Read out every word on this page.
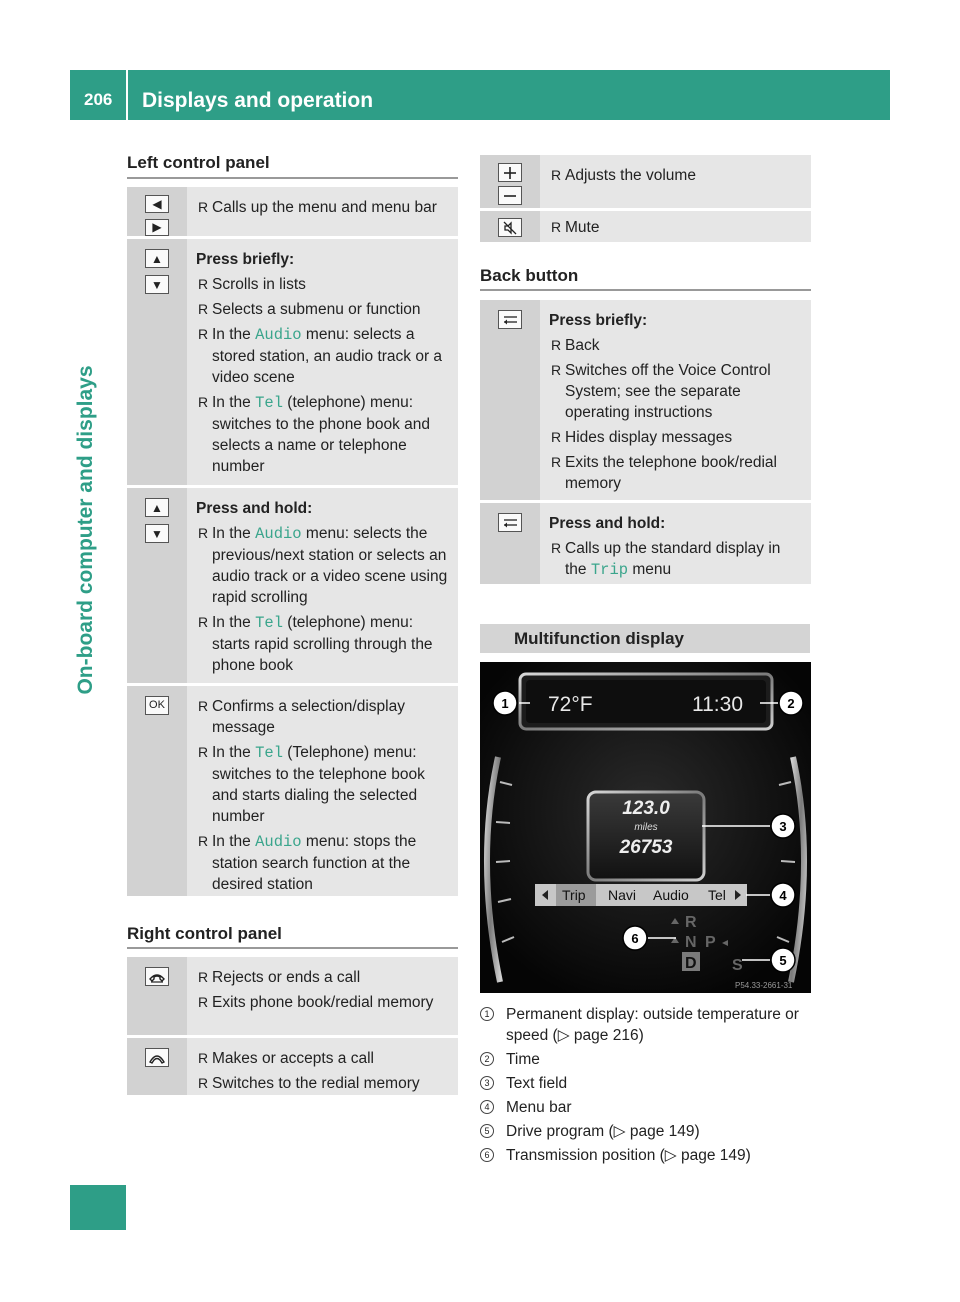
206 Displays and operation
On-board computer and displays
Left control panel
◀
▶
R Calls up the menu and menu bar
▲
▼
Press briefly:
R Scrolls in lists
R Selects a submenu or function
R In the Audio menu: selects a stored station, an audio track or a video scene
R In the Tel (telephone) menu: switches to the phone book and selects a name or telephone number
▲
▼
Press and hold:
R In the Audio menu: selects the previous/next station or selects an audio track or a video scene using rapid scrolling
R In the Tel (telephone) menu: starts rapid scrolling through the phone book
OK
R	Confirms a selection/display message
R In the Tel (Telephone) menu: switches to the telephone book and starts dialing the selected number
R In the Audio menu: stops the station search function at the desired station
Right control panel
R Rejects or ends a call
R Exits phone book/redial memory
R Makes or accepts a call
R Switches to the redial memory
R Adjusts the volume
R Mute
Back button
Press briefly:
R Back
R Switches off the Voice Control System; see the separate operating instructions
R Hides display messages
R Exits the telephone book/redial memory
Press and hold:
R Calls up the standard display in the Trip menu
Multifunction display
72°F	11:30
123.0
miles
26753
Trip Navi Audio Tel
R
N P
D S
P54.33-2661-31
1	2
3
4
5
6
1 Permanent display: outside temperature or speed (▷ page 216)
2 Time
3 Text field
4 Menu bar
5 Drive program (▷ page 149)
6 Transmission position (▷ page 149)
